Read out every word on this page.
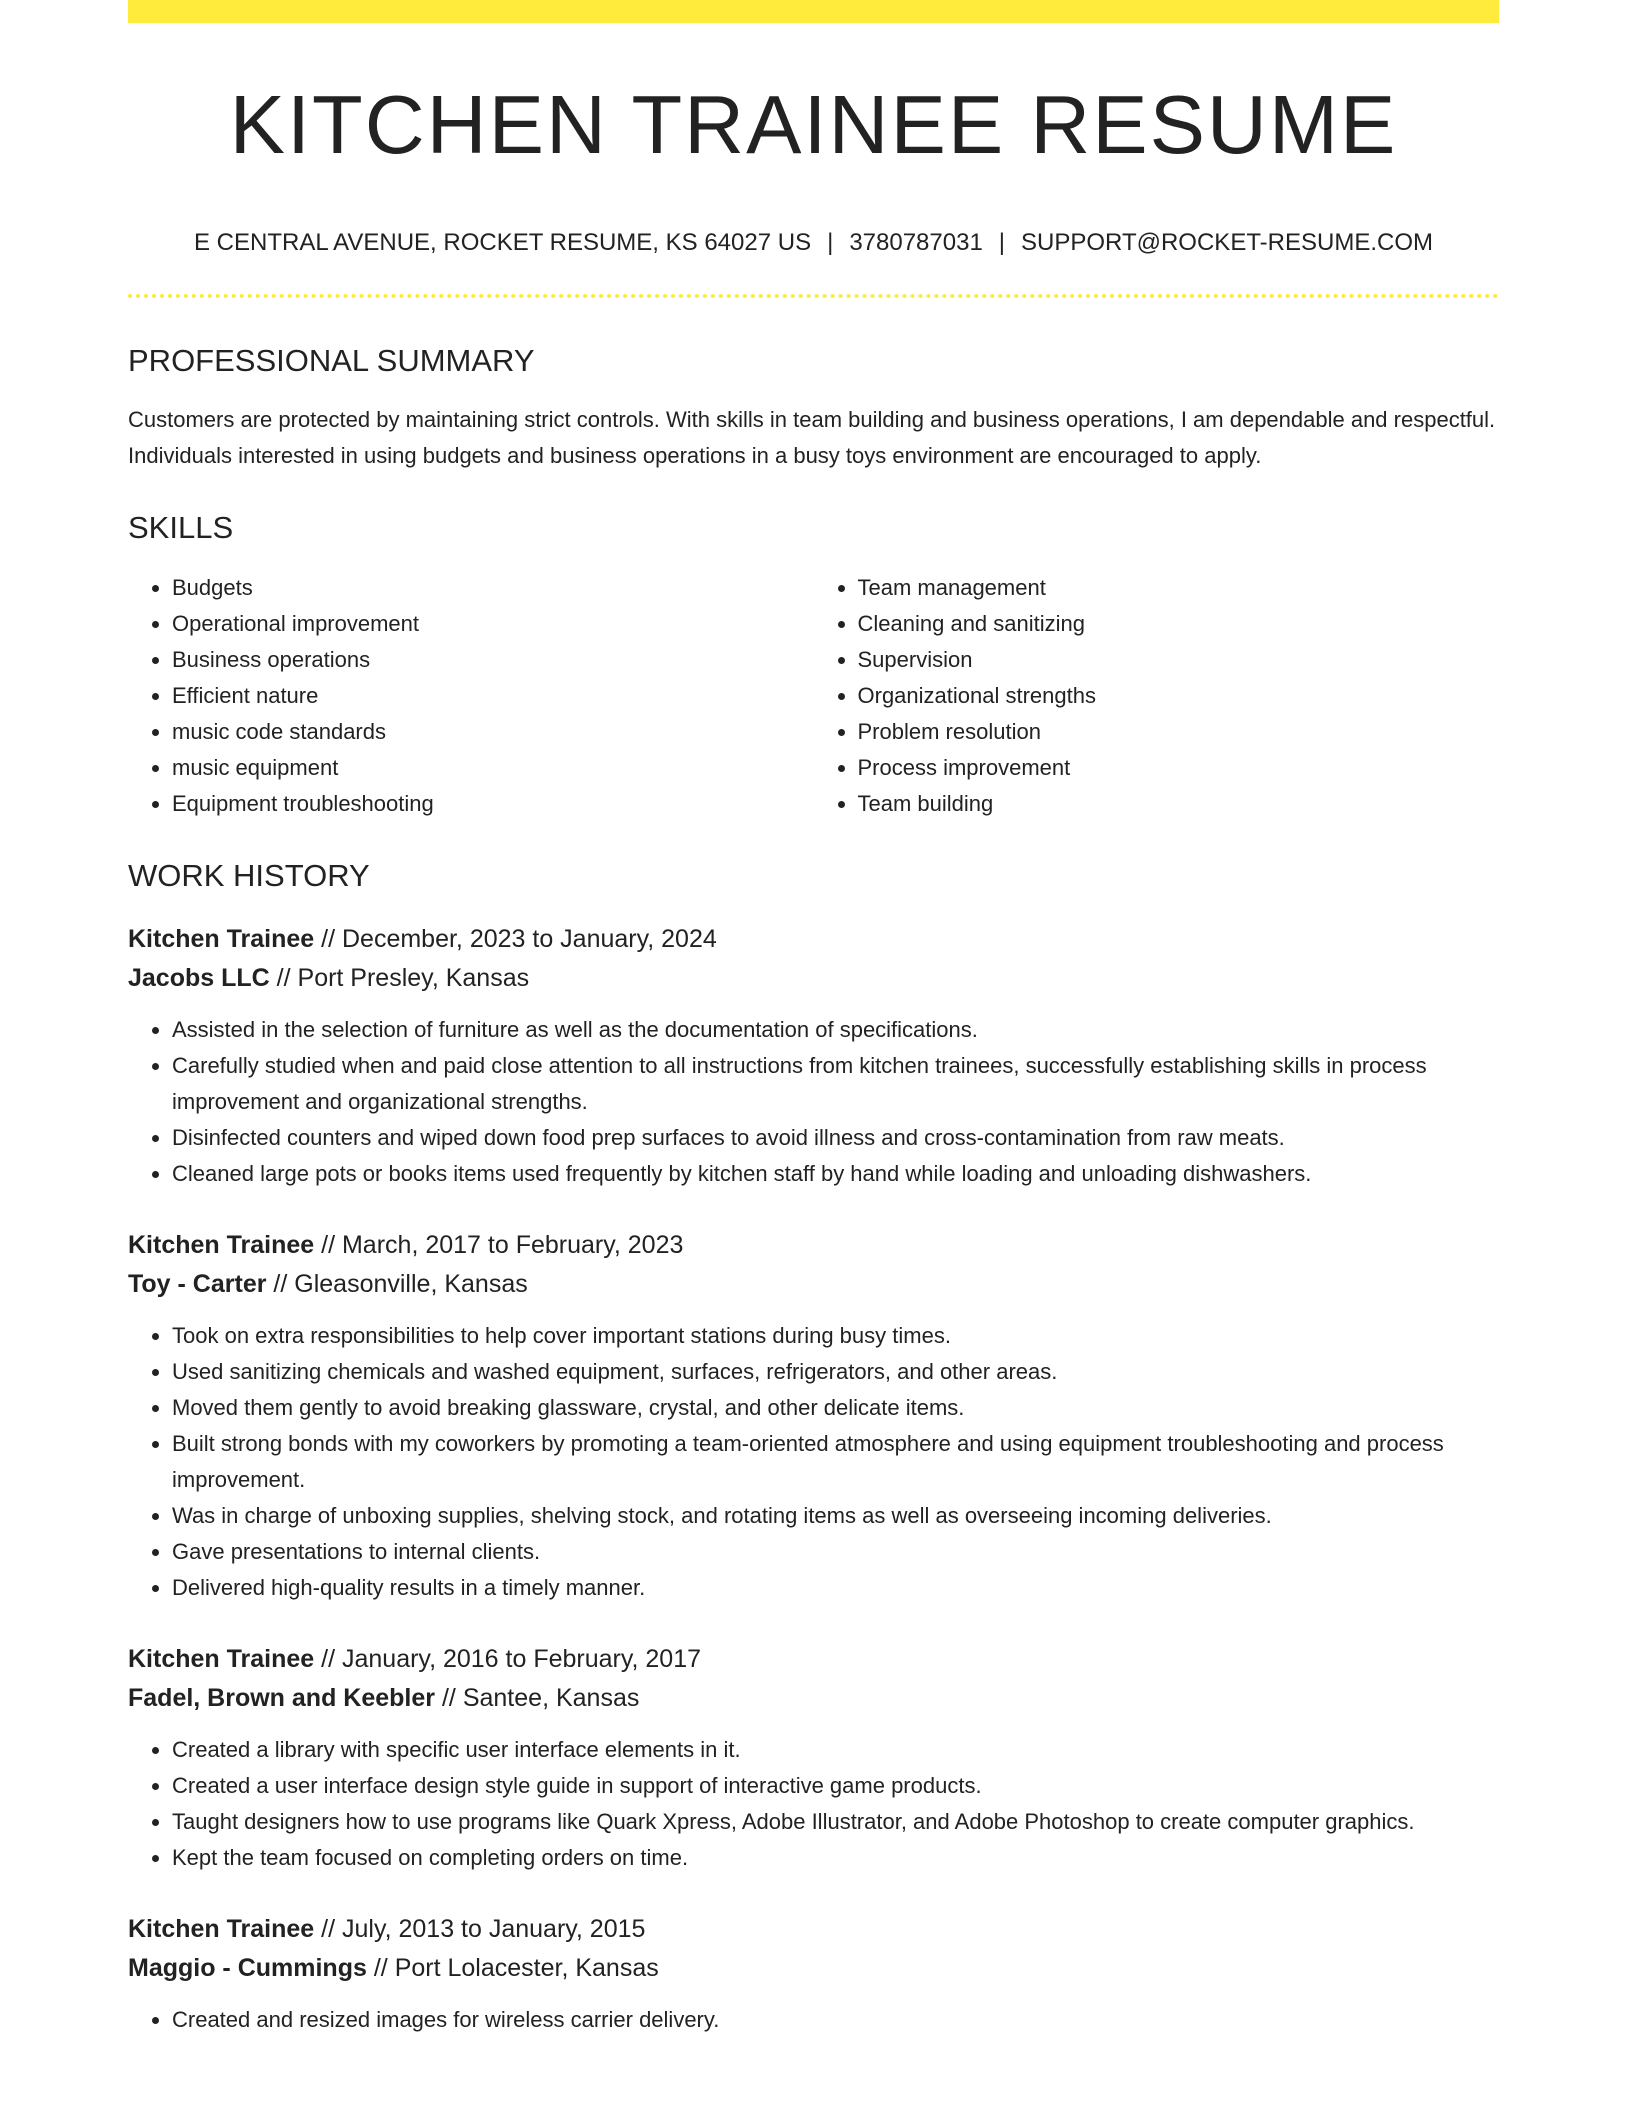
KITCHEN TRAINEE RESUME
E CENTRAL AVENUE, ROCKET RESUME, KS 64027 US | 3780787031 | SUPPORT@ROCKET-RESUME.COM
PROFESSIONAL SUMMARY

Customers are protected by maintaining strict controls. With skills in team building and business operations, I am dependable and respectful. Individuals interested in using budgets and business operations in a busy toys environment are encouraged to apply.

SKILLS
• Budgets
• Operational improvement
• Business operations
• Efficient nature
• music code standards
• music equipment
• Equipment troubleshooting
• Team management
• Cleaning and sanitizing
• Supervision
• Organizational strengths
• Problem resolution
• Process improvement
• Team building
WORK HISTORY
Kitchen Trainee // December, 2023 to January, 2024
Jacobs LLC // Port Presley, Kansas
• Assisted in the selection of furniture as well as the documentation of specifications.
• Carefully studied when and paid close attention to all instructions from kitchen trainees, successfully establishing skills in process improvement and organizational strengths.
• Disinfected counters and wiped down food prep surfaces to avoid illness and cross-contamination from raw meats.
• Cleaned large pots or books items used frequently by kitchen staff by hand while loading and unloading dishwashers.
Kitchen Trainee // March, 2017 to February, 2023
Toy - Carter // Gleasonville, Kansas
• Took on extra responsibilities to help cover important stations during busy times.
• Used sanitizing chemicals and washed equipment, surfaces, refrigerators, and other areas.
• Moved them gently to avoid breaking glassware, crystal, and other delicate items.
• Built strong bonds with my coworkers by promoting a team-oriented atmosphere and using equipment troubleshooting and process improvement.
• Was in charge of unboxing supplies, shelving stock, and rotating items as well as overseeing incoming deliveries.
• Gave presentations to internal clients.
• Delivered high-quality results in a timely manner.
Kitchen Trainee // January, 2016 to February, 2017
Fadel, Brown and Keebler // Santee, Kansas
• Created a library with specific user interface elements in it.
• Created a user interface design style guide in support of interactive game products.
• Taught designers how to use programs like Quark Xpress, Adobe Illustrator, and Adobe Photoshop to create computer graphics.
• Kept the team focused on completing orders on time.
Kitchen Trainee // July, 2013 to January, 2015
Maggio - Cummings // Port Lolacester, Kansas
• Created and resized images for wireless carrier delivery.
